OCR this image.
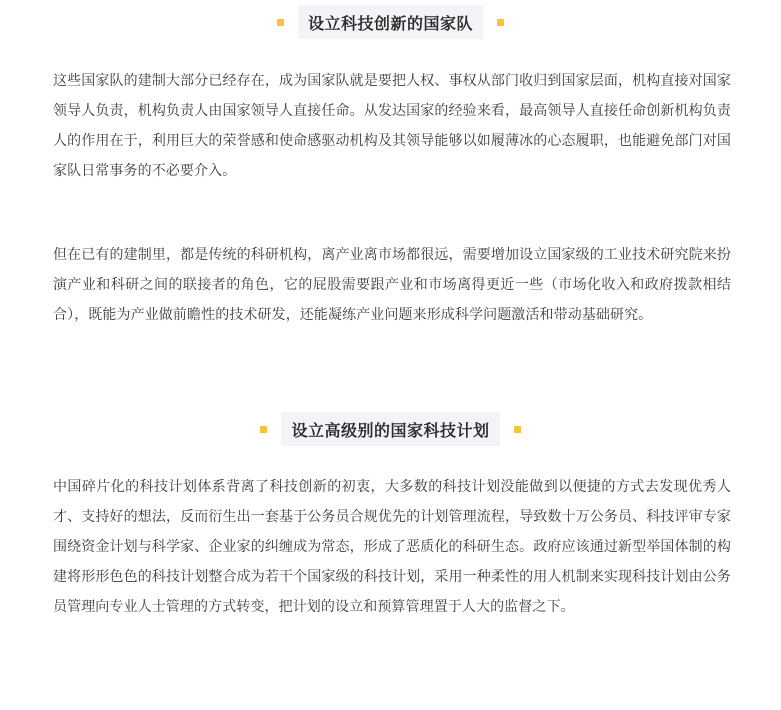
设立科技创新的国家队
这些国家队的建制大部分已经存在，成为国家队就是要把人权、事权从部门收归到国家层面，机构直接对国家领导人负责，机构负责人由国家领导人直接任命。从发达国家的经验来看，最高领导人直接任命创新机构负责人的作用在于，利用巨大的荣誉感和使命感驱动机构及其领导能够以如履薄冰的心态履职，也能避免部门对国家队日常事务的不必要介入。
但在已有的建制里，都是传统的科研机构，离产业离市场都很远，需要增加设立国家级的工业技术研究院来扮演产业和科研之间的联接者的角色，它的屁股需要跟产业和市场离得更近一些（市场化收入和政府拨款相结合），既能为产业做前瞻性的技术研发，还能凝练产业问题来形成科学问题激活和带动基础研究。
设立高级别的国家科技计划
中国碎片化的科技计划体系背离了科技创新的初衷，大多数的科技计划没能做到以便捷的方式去发现优秀人才、支持好的想法，反而衍生出一套基于公务员合规优先的计划管理流程，导致数十万公务员、科技评审专家围绕资金计划与科学家、企业家的纠缠成为常态，形成了恶质化的科研生态。政府应该通过新型举国体制的构建将形形色色的科技计划整合成为若干个国家级的科技计划，采用一种柔性的用人机制来实现科技计划由公务员管理向专业人士管理的方式转变，把计划的设立和预算管理置于人大的监督之下。
